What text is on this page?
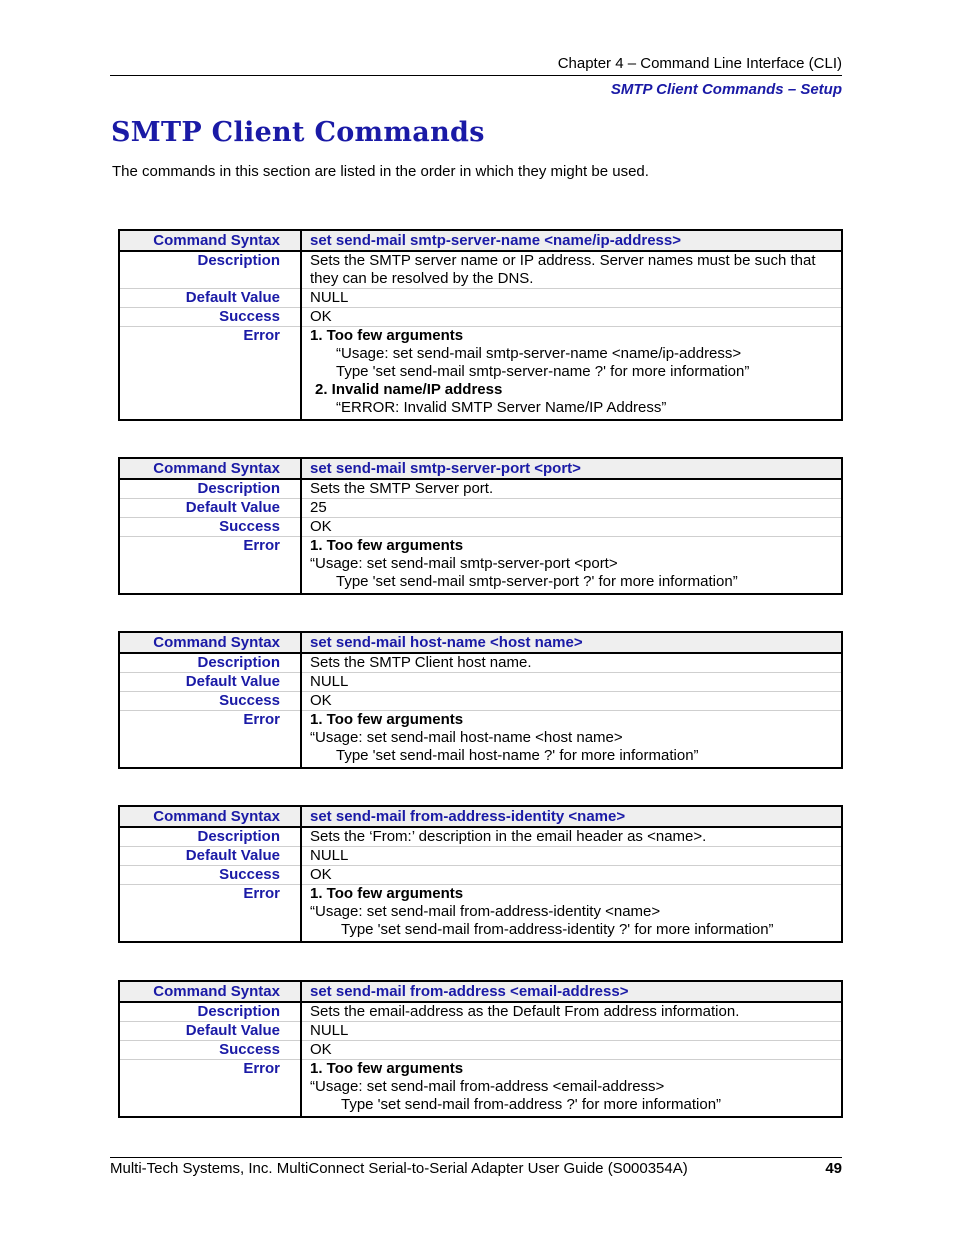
Chapter 4 – Command Line Interface (CLI)
SMTP Client Commands – Setup
SMTP Client Commands

The commands in this section are listed in the order in which they might be used.

Command Syntax	set send-mail smtp-server-name <name/ip-address>
Description	Sets the SMTP server name or IP address. Server names must be such that they can be resolved by the DNS.
Default Value	NULL
Success	OK
Error	1. Too few arguments
“Usage: set send-mail smtp-server-name <name/ip-address>
Type 'set send-mail smtp-server-name ?' for more information”
2. Invalid name/IP address
“ERROR: Invalid SMTP Server Name/IP Address”
Command Syntax	set send-mail smtp-server-port <port>
Description	Sets the SMTP Server port.
Default Value	25
Success	OK
Error	1. Too few arguments
“Usage: set send-mail smtp-server-port <port>
Type 'set send-mail smtp-server-port ?' for more information”
Command Syntax	set send-mail host-name <host name>
Description	Sets the SMTP Client host name.
Default Value	NULL
Success	OK
Error	1. Too few arguments
“Usage: set send-mail host-name <host name>
Type 'set send-mail host-name ?' for more information”
Command Syntax	set send-mail from-address-identity <name>
Description	Sets the ‘From:’ description in the email header as <name>.
Default Value	NULL
Success	OK
Error	1. Too few arguments
“Usage: set send-mail from-address-identity <name>
Type 'set send-mail from-address-identity ?' for more information”
Command Syntax	set send-mail from-address <email-address>
Description	Sets the email-address as the Default From address information.
Default Value	NULL
Success	OK
Error	1. Too few arguments
“Usage: set send-mail from-address <email-address>
Type 'set send-mail from-address ?' for more information”
Multi-Tech Systems, Inc. MultiConnect Serial-to-Serial Adapter User Guide (S000354A)	49
